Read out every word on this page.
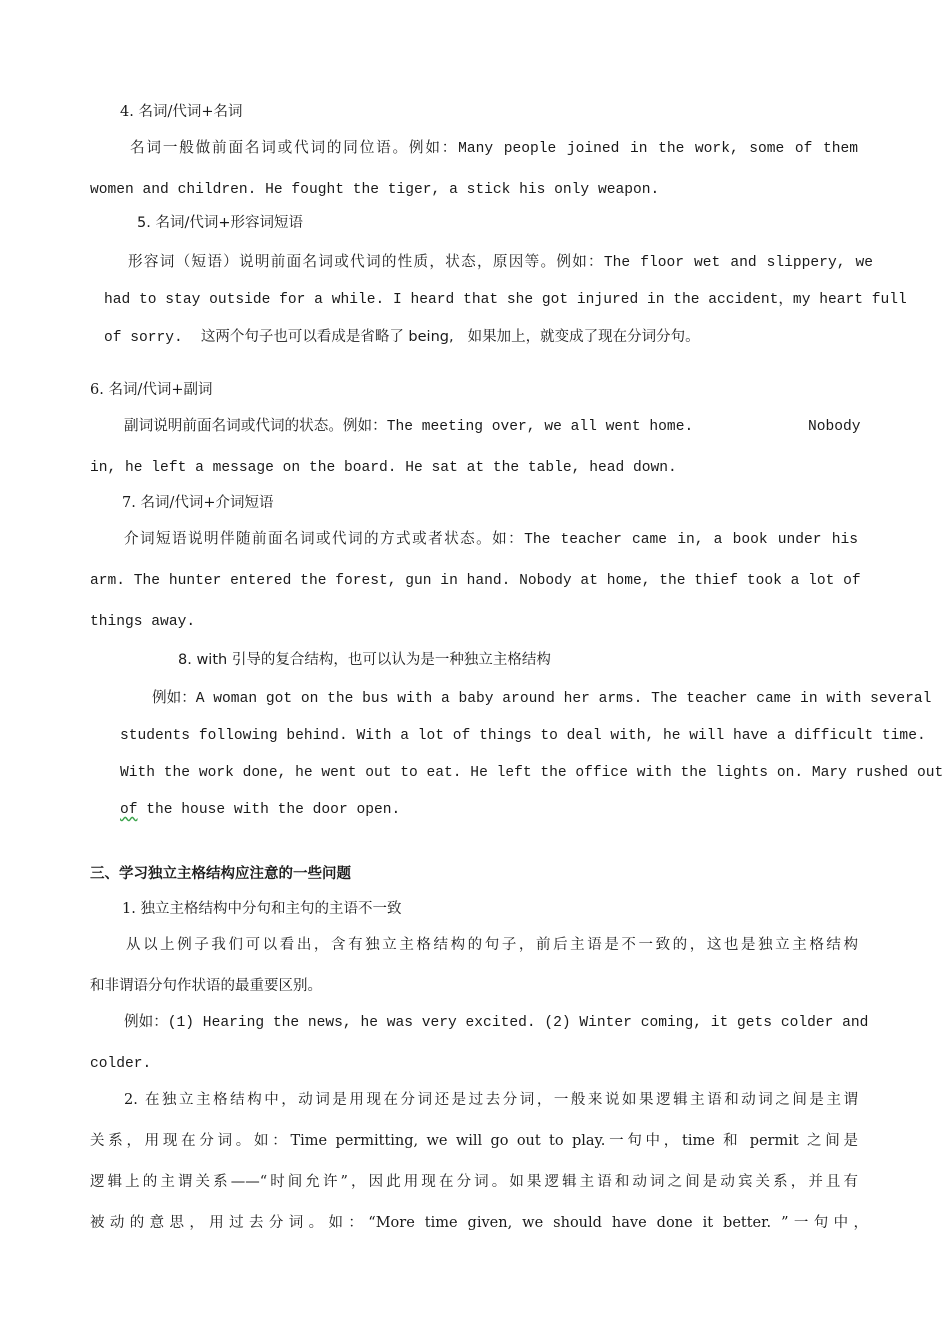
4. 名词/代词+名词
名词一般做前面名词或代词的同位语。例如：Many people joined in the work, some of them
women and children. He fought the tiger, a stick his only weapon.
5. 名词/代词+形容词短语
形容词（短语）说明前面名词或代词的性质，状态，原因等。例如：The floor wet and slippery, we
had to stay outside for a while. I heard that she got injured in the accident，my heart full
of sorry. 这两个句子也可以看成是省略了 being, 如果加上，就变成了现在分词分句。
6. 名词/代词+副词
副词说明前面名词或代词的状态。例如：The meeting over, we all went home.	Nobody
in, he left a message on the board. He sat at the table, head down.
7. 名词/代词+介词短语
介词短语说明伴随前面名词或代词的方式或者状态。如：The teacher came in, a book under his
arm. The hunter entered the forest, gun in hand. Nobody at home, the thief took a lot of
things away.
8. with 引导的复合结构，也可以认为是一种独立主格结构
例如：A woman got on the bus with a baby around her arms. The teacher came in with several
students following behind. With a lot of things to deal with, he will have a difficult time.
With the work done, he went out to eat. He left the office with the lights on. Mary rushed out
of the house with the door open.
三、学习独立主格结构应注意的一些问题
1. 独立主格结构中分句和主句的主语不一致
从以上例子我们可以看出，含有独立主格结构的句子，前后主语是不一致的，这也是独立主格结构
和非谓语分句作状语的最重要区别。
例如：(1) Hearing the news, he was very excited. (2) Winter coming, it gets colder and
colder.
2. 在独立主格结构中，动词是用现在分词还是过去分词，一般来说如果逻辑主语和动词之间是主谓
关系，用现在分词。如：Time permitting, we will go out to play.一句中，time 和 permit 之间是
逻辑上的主谓关系——“时间允许”，因此用现在分词。如果逻辑主语和动词之间是动宾关系，并且有
被动的意思，用过去分词。如：“More time given, we should have done it better. ”一句中，
